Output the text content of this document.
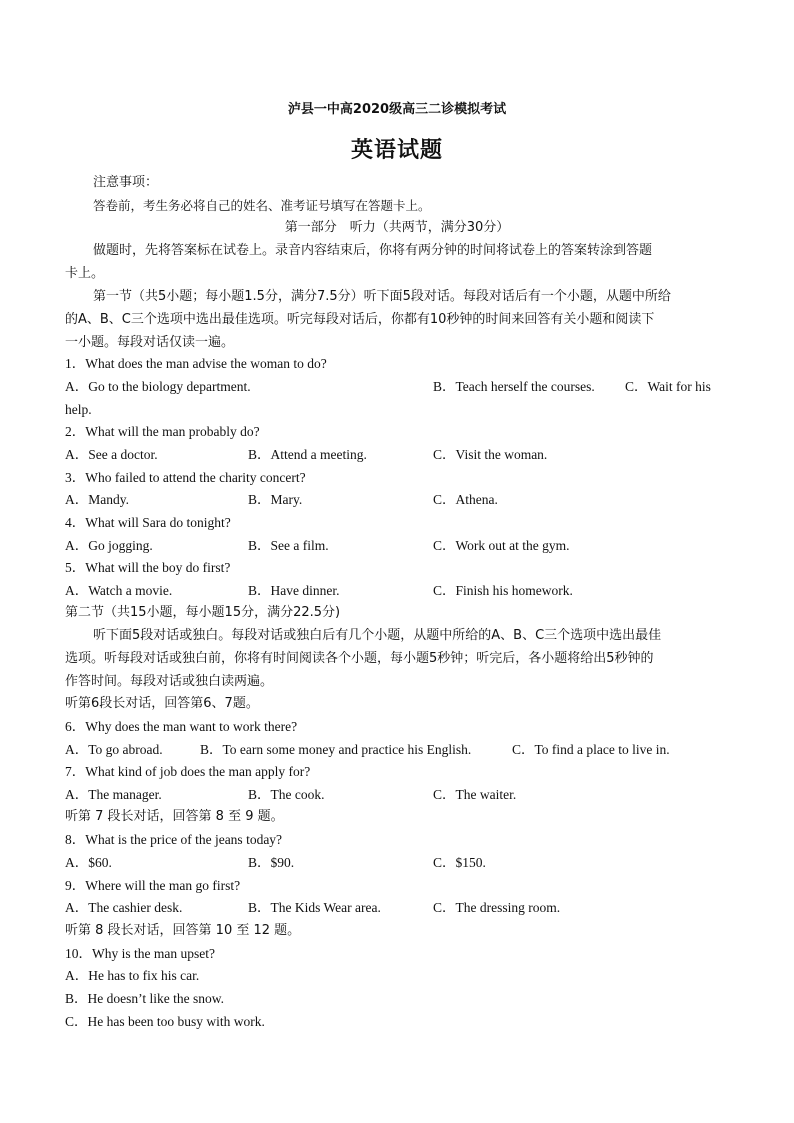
泸县一中高2020级高三二诊模拟考试
英语试题
注意事项：
答卷前，考生务必将自己的姓名、准考证号填写在答题卡上。
第一部分　听力（共两节，满分30分）
做题时，先将答案标在试卷上。录音内容结束后，你将有两分钟的时间将试卷上的答案转涂到答题
卡上。
第一节（共5小题；每小题1.5分，满分7.5分）听下面5段对话。每段对话后有一个小题，从题中所给
的A、B、C三个选项中选出最佳选项。听完每段对话后，你都有10秒钟的时间来回答有关小题和阅读下
一小题。每段对话仅读一遍。
1．What does the man advise the woman to do?
A．Go to the biology department.	B．Teach herself the courses. C．Wait for his
help.
2．What will the man probably do?
A．See a doctor.	B．Attend a meeting.	C．Visit the woman.
3．Who failed to attend the charity concert?
A．Mandy.	B．Mary.	C．Athena.
4．What will Sara do tonight?
A．Go jogging.	B．See a film.	C．Work out at the gym.
5．What will the boy do first?
A．Watch a movie.	B．Have dinner.	C．Finish his homework.
第二节（共15小题，每小题15分，满分22.5分)
听下面5段对话或独白。每段对话或独白后有几个小题，从题中所给的A、B、C三个选项中选出最佳
选项。听每段对话或独白前，你将有时间阅读各个小题，每小题5秒钟；听完后，各小题将给出5秒钟的
作答时间。每段对话或独白读两遍。
听第6段长对话，回答第6、7题。
6．Why does the man want to work there?
A．To go abroad.	B．To earn some money and practice his English.	C．To find a place to live in.
7．What kind of job does the man apply for?
A．The manager.	B．The cook.	C．The waiter.
听第 7 段长对话，回答第 8 至 9 题。
8．What is the price of the jeans today?
A．$60.	B．$90.	C．$150.
9．Where will the man go first?
A．The cashier desk.	B．The Kids Wear area.	C．The dressing room.
听第 8 段长对话，回答第 10 至 12 题。
10．Why is the man upset?
A．He has to fix his car.
B．He doesn’t like the snow.
C．He has been too busy with work.
